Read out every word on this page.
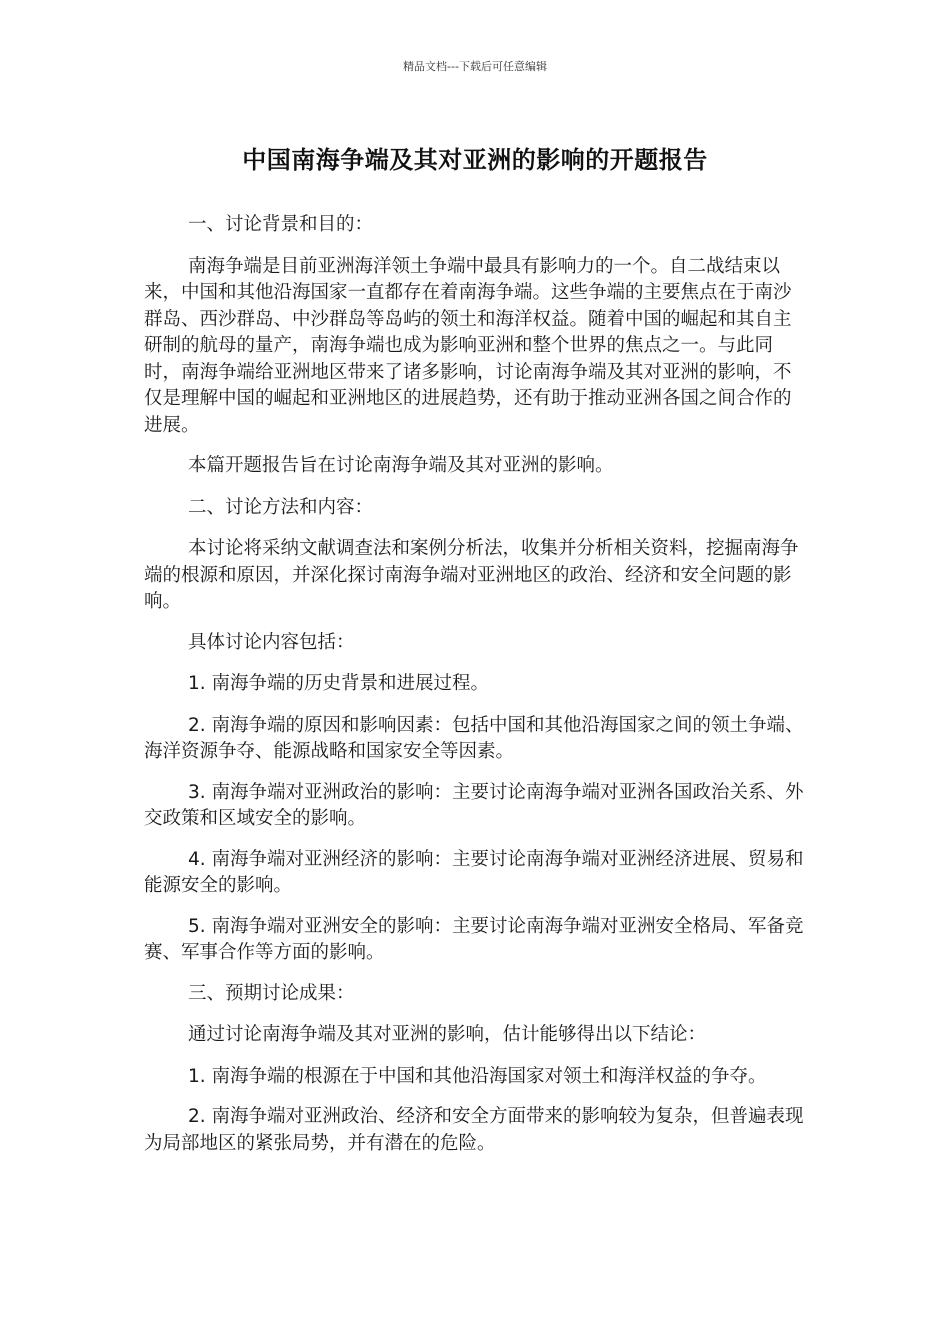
精品文档---下载后可任意编辑
中国南海争端及其对亚洲的影响的开题报告

一、讨论背景和目的：

南海争端是目前亚洲海洋领土争端中最具有影响力的一个。自二战结束以来，中国和其他沿海国家一直都存在着南海争端。这些争端的主要焦点在于南沙群岛、西沙群岛、中沙群岛等岛屿的领土和海洋权益。随着中国的崛起和其自主研制的航母的量产，南海争端也成为影响亚洲和整个世界的焦点之一。与此同时，南海争端给亚洲地区带来了诸多影响，讨论南海争端及其对亚洲的影响，不仅是理解中国的崛起和亚洲地区的进展趋势，还有助于推动亚洲各国之间合作的进展。

本篇开题报告旨在讨论南海争端及其对亚洲的影响。

二、讨论方法和内容：

本讨论将采纳文献调查法和案例分析法，收集并分析相关资料，挖掘南海争端的根源和原因，并深化探讨南海争端对亚洲地区的政治、经济和安全问题的影响。

具体讨论内容包括：

1. 南海争端的历史背景和进展过程。

2. 南海争端的原因和影响因素：包括中国和其他沿海国家之间的领土争端、海洋资源争夺、能源战略和国家安全等因素。

3. 南海争端对亚洲政治的影响：主要讨论南海争端对亚洲各国政治关系、外交政策和区域安全的影响。

4. 南海争端对亚洲经济的影响：主要讨论南海争端对亚洲经济进展、贸易和能源安全的影响。

5. 南海争端对亚洲安全的影响：主要讨论南海争端对亚洲安全格局、军备竞赛、军事合作等方面的影响。

三、预期讨论成果：

通过讨论南海争端及其对亚洲的影响，估计能够得出以下结论：

1. 南海争端的根源在于中国和其他沿海国家对领土和海洋权益的争夺。

2. 南海争端对亚洲政治、经济和安全方面带来的影响较为复杂，但普遍表现为局部地区的紧张局势，并有潜在的危险。
